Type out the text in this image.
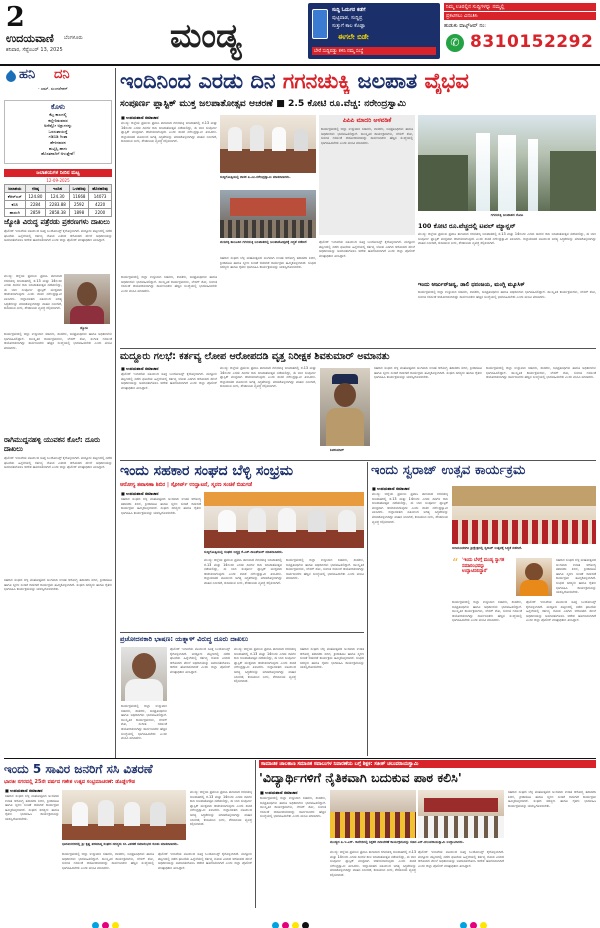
2
ಉದಯವಾಣಿ ಬೆಂಗಳೂರು
ಶನಿವಾರ, ಸೆಪ್ಟೆಂಬರ್ 13, 2025	ಮಂಡ್ಯ
ಸುದ್ದಿ ಓದುಗರ ಕಡೆಗೆ
ಪುಟ್ಟಿಪಾಡ, ಸುದ್ದಿಪ್ರ
ಸುತ್ತುಗೆ ಕಾಲ ಕೊಡ್ಲಾ
ಈಗಲೇ ಬಿಡೇ
ಬೇರೆ ಸುದ್ದಿಪಡ್ಡು ಕಳಿಸಿ ನಮ್ಮ ಸಂಸ್ಥೆ
ನಿಮ್ಮ ಊರಲ್ಲಿನ ಸುದ್ದಿಗಳನ್ನು ನಮ್ಮಲ್ಲಿ
ಪ್ರಕಟಿಸಲು ವಿನಂತಿಸಿ
ಹುಡುಕು ವಾಟ್ಸ್‌ಆಪ್ ನಂ:
✆ 8310152292
ಹನಿ ದನಿ
- ಎಮ್. ಸುಂದರೇಶನ್
ಕೊಳು
ಕೆಟ್ಟ ಕಾಲದಲ್ಲಿ
ಕಣ್ಣೀರಿಡುವವರ
ಅದೆಷ್ಟೋ ಅಶ್ರುಗಳನ್ನು
ಒರಸುತಾಯದ್ದೆ
ಗಡಿಬಿಡಿ ಗಿಂತಾ
ಹೇಳಿದವರನ
ಹುಟ್ಟಿಸ್ಸಿ ಹಾಗು
ಹೊಸತನಾದಿಗೆ ಅಳುತ್ತೇವೆ!
ಜಲಾಶಯಗಳ ನೀರಿನ ಮಟ್ಟ
12-09-2025
ಜಲಾಶಯ	ಗರಿಷ್ಠ	ಇಂದಿನ	ಒಳಹರಿವು	ಹೊರಹರಿವು
ಕೆಆರ್‌ಎಸ್	124.80	124.30	11668	14073
ಕಬಿನಿ	2284	2283.88	2592	4220
ಹಾರಂಗಿ	2859	2858.38	1898	2200
ಜ್ಯೋತಿ ವಿರುದ್ಧ ಪತ್ರೆರಡು ಪ್ರಕರಣಗಳು ದಾಖಲು
ಪೊಲೀಸ್ ಇಲಾಖೆಯ ವತಿಯಿಂದ ಸೂಕ್ತ ಬಂದೋಬಸ್ತ್ ಕೈಗೊಳ್ಳಲಾಗಿದೆ. ಮದ್ದೂರು ಪಟ್ಟಣದಲ್ಲಿ ನಡೆದ ಘಟನೆಯ ಹಿನ್ನೆಲೆಯಲ್ಲಿ ಕರ್ತವ್ಯ ಲೋಪ ಎಸಗಿದ ಆರೋಪದ ಮೇಲೆ ಅಧಿಕಾರಿಯನ್ನು ಅಮಾನತುಗೊಳಿಸಿ ಆದೇಶ ಹೊರಡಿಸಲಾಗಿದೆ ಎಂದು ಜಿಲ್ಲಾ ಪೊಲೀಸ್ ವರಿಷ್ಠಾಧಿಕಾರಿ ತಿಳಿಸಿದ್ದಾರೆ.
ಜ್ಯೋತಿ
ಮಂಡ್ಯ: ಜಿಲ್ಲೆಯ ಪ್ರಮುಖ ಪ್ರವಾಸಿ ತಾಣವಾದ ಗಗನಚುಕ್ಕಿ ಜಲಪಾತದಲ್ಲಿ ಸೆ.13 ಮತ್ತು 14ರಂದು ಎರಡು ದಿನಗಳ ಕಾಲ ಜಲಪಾತೋತ್ಸವ ನಡೆಯಲಿದ್ದು, ಈ ಬಾರಿ ಸಂಪೂರ್ಣ ಪ್ಲಾಸ್ಟಿಕ್ ಮುಕ್ತವಾಗಿ ಆಚರಿಸಲಾಗುವುದು ಎಂದು ಶಾಸಕ ನರೇಂದ್ರಸ್ವಾಮಿ ತಿಳಿಸಿದರು. ಜಿಲ್ಲಾಡಳಿತದ ವತಿಯಿಂದ ಅಗತ್ಯ ಸಿದ್ಧತೆಗಳನ್ನು ಮಾಡಿಕೊಳ್ಳಲಾಗಿದ್ದು ವಾಹನ ನಿಲುಗಡೆ, ಕುಡಿಯುವ ನೀರು, ಶೌಚಾಲಯ ವ್ಯವಸ್ಥೆ ಕಲ್ಪಿಸಲಾಗಿದೆ.
ಕಾರ್ಯಕ್ರಮದಲ್ಲಿ ಜಿಲ್ಲಾ ಉಸ್ತುವಾರಿ ಸಚಿವರು, ಶಾಸಕರು, ಜನಪ್ರತಿನಿಧಿಗಳು ಹಾಗೂ ಅಧಿಕಾರಿಗಳು ಭಾಗವಹಿಸಲಿದ್ದಾರೆ. ಸಾಂಸ್ಕೃತಿಕ ಕಾರ್ಯಕ್ರಮಗಳು, ಲೇಸರ್ ಶೋ, ಸಂಗೀತ ರಸಸಂಜೆ ಆಯೋಜಿಸಲಾಗಿದ್ದು ಸಾರ್ವಜನಿಕರು ಹೆಚ್ಚಿನ ಸಂಖ್ಯೆಯಲ್ಲಿ ಭಾಗವಹಿಸಬೇಕು ಎಂದು ಮನವಿ ಮಾಡಿದರು.
ರಾಗಿಮುದ್ದನಹಳ್ಳಿ ಯುವಕನ ಕೊಲೆ: ದೂರು ದಾಖಲು
ಪೊಲೀಸ್ ಇಲಾಖೆಯ ವತಿಯಿಂದ ಸೂಕ್ತ ಬಂದೋಬಸ್ತ್ ಕೈಗೊಳ್ಳಲಾಗಿದೆ. ಮದ್ದೂರು ಪಟ್ಟಣದಲ್ಲಿ ನಡೆದ ಘಟನೆಯ ಹಿನ್ನೆಲೆಯಲ್ಲಿ ಕರ್ತವ್ಯ ಲೋಪ ಎಸಗಿದ ಆರೋಪದ ಮೇಲೆ ಅಧಿಕಾರಿಯನ್ನು ಅಮಾನತುಗೊಳಿಸಿ ಆದೇಶ ಹೊರಡಿಸಲಾಗಿದೆ ಎಂದು ಜಿಲ್ಲಾ ಪೊಲೀಸ್ ವರಿಷ್ಠಾಧಿಕಾರಿ ತಿಳಿಸಿದ್ದಾರೆ.
ಸಹಕಾರ ಸಂಘದ ಬೆಳ್ಳಿ ಮಹೋತ್ಸವದ ಅಂಗವಾಗಿ ಉಚಿತ ಆರೋಗ್ಯ ತಪಾಸಣಾ ಶಿಬಿರ, ಕ್ರೀಡಾಕೂಟ ಹಾಗೂ ಸ್ಮರಣ ಸಂಚಿಕೆ ಬಿಡುಗಡೆ ಕಾರ್ಯಕ್ರಮ ಹಮ್ಮಿಕೊಳ್ಳಲಾಗಿದೆ. ಸಂಘದ ಸದಸ್ಯರು ಹಾಗೂ ರೈತರು ಭಾಗವಹಿಸಿ ಕಾರ್ಯಕ್ರಮವನ್ನು ಯಶಸ್ವಿಗೊಳಿಸಬೇಕು.
ಇಂದಿನಿಂದ ಎರಡು ದಿನ ಗಗನಚುಕ್ಕಿ ಜಲಪಾತ ವೈಭವ
ಸಂಪೂರ್ಣ ಪ್ಲಾಸ್ಟಿಕ್ ಮುಕ್ತ ಜಲಪಾತೋತ್ಸವ ಆಚರಣೆ ■ 2.5 ಕೋಟಿ ರೂ.ವೆಚ್ಚ: ನರೇಂದ್ರಸ್ವಾಮಿ
■ ಉದಯವಾಣಿ ಸಮಾಚಾರ
ಮಂಡ್ಯ: ಜಿಲ್ಲೆಯ ಪ್ರಮುಖ ಪ್ರವಾಸಿ ತಾಣವಾದ ಗಗನಚುಕ್ಕಿ ಜಲಪಾತದಲ್ಲಿ ಸೆ.13 ಮತ್ತು 14ರಂದು ಎರಡು ದಿನಗಳ ಕಾಲ ಜಲಪಾತೋತ್ಸವ ನಡೆಯಲಿದ್ದು, ಈ ಬಾರಿ ಸಂಪೂರ್ಣ ಪ್ಲಾಸ್ಟಿಕ್ ಮುಕ್ತವಾಗಿ ಆಚರಿಸಲಾಗುವುದು ಎಂದು ಶಾಸಕ ನರೇಂದ್ರಸ್ವಾಮಿ ತಿಳಿಸಿದರು. ಜಿಲ್ಲಾಡಳಿತದ ವತಿಯಿಂದ ಅಗತ್ಯ ಸಿದ್ಧತೆಗಳನ್ನು ಮಾಡಿಕೊಳ್ಳಲಾಗಿದ್ದು ವಾಹನ ನಿಲುಗಡೆ, ಕುಡಿಯುವ ನೀರು, ಶೌಚಾಲಯ ವ್ಯವಸ್ಥೆ ಕಲ್ಪಿಸಲಾಗಿದೆ.
ಕಾರ್ಯಕ್ರಮದಲ್ಲಿ ಜಿಲ್ಲಾ ಉಸ್ತುವಾರಿ ಸಚಿವರು, ಶಾಸಕರು, ಜನಪ್ರತಿನಿಧಿಗಳು ಹಾಗೂ ಅಧಿಕಾರಿಗಳು ಭಾಗವಹಿಸಲಿದ್ದಾರೆ. ಸಾಂಸ್ಕೃತಿಕ ಕಾರ್ಯಕ್ರಮಗಳು, ಲೇಸರ್ ಶೋ, ಸಂಗೀತ ರಸಸಂಜೆ ಆಯೋಜಿಸಲಾಗಿದ್ದು ಸಾರ್ವಜನಿಕರು ಹೆಚ್ಚಿನ ಸಂಖ್ಯೆಯಲ್ಲಿ ಭಾಗವಹಿಸಬೇಕು ಎಂದು ಮನವಿ ಮಾಡಿದರು.
ಸುದ್ದಿಗೋಷ್ಠಿಯಲ್ಲಿ ಶಾಸಕ ಪಿ.ಎಂ.ನರೇಂದ್ರಸ್ವಾಮಿ ಮಾತನಾಡಿದರು.
ಮಳವಳ್ಳಿ ತಾಲೂಕಿನ ಗಗನಚುಕ್ಕಿ ಜಲಪಾತದಲ್ಲಿ ಜಲಪಾತೋತ್ಸವಕ್ಕೆ ಸಿದ್ಧತೆ ನಡೆದಿದೆ
ಸಹಕಾರ ಸಂಘದ ಬೆಳ್ಳಿ ಮಹೋತ್ಸವದ ಅಂಗವಾಗಿ ಉಚಿತ ಆರೋಗ್ಯ ತಪಾಸಣಾ ಶಿಬಿರ, ಕ್ರೀಡಾಕೂಟ ಹಾಗೂ ಸ್ಮರಣ ಸಂಚಿಕೆ ಬಿಡುಗಡೆ ಕಾರ್ಯಕ್ರಮ ಹಮ್ಮಿಕೊಳ್ಳಲಾಗಿದೆ. ಸಂಘದ ಸದಸ್ಯರು ಹಾಗೂ ರೈತರು ಭಾಗವಹಿಸಿ ಕಾರ್ಯಕ್ರಮವನ್ನು ಯಶಸ್ವಿಗೊಳಿಸಬೇಕು.
ಪಿಪಿಪಿ ಮಾದರಿ ಅಳವಡಿಕೆ
ಕಾರ್ಯಕ್ರಮದಲ್ಲಿ ಜಿಲ್ಲಾ ಉಸ್ತುವಾರಿ ಸಚಿವರು, ಶಾಸಕರು, ಜನಪ್ರತಿನಿಧಿಗಳು ಹಾಗೂ ಅಧಿಕಾರಿಗಳು ಭಾಗವಹಿಸಲಿದ್ದಾರೆ. ಸಾಂಸ್ಕೃತಿಕ ಕಾರ್ಯಕ್ರಮಗಳು, ಲೇಸರ್ ಶೋ, ಸಂಗೀತ ರಸಸಂಜೆ ಆಯೋಜಿಸಲಾಗಿದ್ದು ಸಾರ್ವಜನಿಕರು ಹೆಚ್ಚಿನ ಸಂಖ್ಯೆಯಲ್ಲಿ ಭಾಗವಹಿಸಬೇಕು ಎಂದು ಮನವಿ ಮಾಡಿದರು.
ಪೊಲೀಸ್ ಇಲಾಖೆಯ ವತಿಯಿಂದ ಸೂಕ್ತ ಬಂದೋಬಸ್ತ್ ಕೈಗೊಳ್ಳಲಾಗಿದೆ. ಮದ್ದೂರು ಪಟ್ಟಣದಲ್ಲಿ ನಡೆದ ಘಟನೆಯ ಹಿನ್ನೆಲೆಯಲ್ಲಿ ಕರ್ತವ್ಯ ಲೋಪ ಎಸಗಿದ ಆರೋಪದ ಮೇಲೆ ಅಧಿಕಾರಿಯನ್ನು ಅಮಾನತುಗೊಳಿಸಿ ಆದೇಶ ಹೊರಡಿಸಲಾಗಿದೆ ಎಂದು ಜಿಲ್ಲಾ ಪೊಲೀಸ್ ವರಿಷ್ಠಾಧಿಕಾರಿ ತಿಳಿಸಿದ್ದಾರೆ.
ಗಗನಚುಕ್ಕಿ ಜಲಪಾತದ ನೋಟ
100 ಕೋಟಿ ರೂ.ವೆಚ್ಚದಲ್ಲಿ ಟವಲ್ ಮ್ಯಾನ್ಷನ್
ಮಂಡ್ಯ: ಜಿಲ್ಲೆಯ ಪ್ರಮುಖ ಪ್ರವಾಸಿ ತಾಣವಾದ ಗಗನಚುಕ್ಕಿ ಜಲಪಾತದಲ್ಲಿ ಸೆ.13 ಮತ್ತು 14ರಂದು ಎರಡು ದಿನಗಳ ಕಾಲ ಜಲಪಾತೋತ್ಸವ ನಡೆಯಲಿದ್ದು, ಈ ಬಾರಿ ಸಂಪೂರ್ಣ ಪ್ಲಾಸ್ಟಿಕ್ ಮುಕ್ತವಾಗಿ ಆಚರಿಸಲಾಗುವುದು ಎಂದು ಶಾಸಕ ನರೇಂದ್ರಸ್ವಾಮಿ ತಿಳಿಸಿದರು. ಜಿಲ್ಲಾಡಳಿತದ ವತಿಯಿಂದ ಅಗತ್ಯ ಸಿದ್ಧತೆಗಳನ್ನು ಮಾಡಿಕೊಳ್ಳಲಾಗಿದ್ದು ವಾಹನ ನಿಲುಗಡೆ, ಕುಡಿಯುವ ನೀರು, ಶೌಚಾಲಯ ವ್ಯವಸ್ಥೆ ಕಲ್ಪಿಸಲಾಗಿದೆ.
ಇಂದು ಅರ್ಜುನ್‌ಜನ್ಯ, ಡಾಲಿ ಧನಂಜಯ, ಮಂಗ್ಲಿ ಮ್ಯೂಸಿಕ್
ಕಾರ್ಯಕ್ರಮದಲ್ಲಿ ಜಿಲ್ಲಾ ಉಸ್ತುವಾರಿ ಸಚಿವರು, ಶಾಸಕರು, ಜನಪ್ರತಿನಿಧಿಗಳು ಹಾಗೂ ಅಧಿಕಾರಿಗಳು ಭಾಗವಹಿಸಲಿದ್ದಾರೆ. ಸಾಂಸ್ಕೃತಿಕ ಕಾರ್ಯಕ್ರಮಗಳು, ಲೇಸರ್ ಶೋ, ಸಂಗೀತ ರಸಸಂಜೆ ಆಯೋಜಿಸಲಾಗಿದ್ದು ಸಾರ್ವಜನಿಕರು ಹೆಚ್ಚಿನ ಸಂಖ್ಯೆಯಲ್ಲಿ ಭಾಗವಹಿಸಬೇಕು ಎಂದು ಮನವಿ ಮಾಡಿದರು.
ಮದ್ದೂರು ಗಲಭೆ: ಕರ್ತವ್ಯ ಲೋಪ ಆರೋಪದಡಿ ವೃತ್ತ ನಿರೀಕ್ಷಕ ಶಿವಕುಮಾರ್ ಅಮಾನತು
■ ಉದಯವಾಣಿ ಸಮಾಚಾರ
ಪೊಲೀಸ್ ಇಲಾಖೆಯ ವತಿಯಿಂದ ಸೂಕ್ತ ಬಂದೋಬಸ್ತ್ ಕೈಗೊಳ್ಳಲಾಗಿದೆ. ಮದ್ದೂರು ಪಟ್ಟಣದಲ್ಲಿ ನಡೆದ ಘಟನೆಯ ಹಿನ್ನೆಲೆಯಲ್ಲಿ ಕರ್ತವ್ಯ ಲೋಪ ಎಸಗಿದ ಆರೋಪದ ಮೇಲೆ ಅಧಿಕಾರಿಯನ್ನು ಅಮಾನತುಗೊಳಿಸಿ ಆದೇಶ ಹೊರಡಿಸಲಾಗಿದೆ ಎಂದು ಜಿಲ್ಲಾ ಪೊಲೀಸ್ ವರಿಷ್ಠಾಧಿಕಾರಿ ತಿಳಿಸಿದ್ದಾರೆ.
ಮಂಡ್ಯ: ಜಿಲ್ಲೆಯ ಪ್ರಮುಖ ಪ್ರವಾಸಿ ತಾಣವಾದ ಗಗನಚುಕ್ಕಿ ಜಲಪಾತದಲ್ಲಿ ಸೆ.13 ಮತ್ತು 14ರಂದು ಎರಡು ದಿನಗಳ ಕಾಲ ಜಲಪಾತೋತ್ಸವ ನಡೆಯಲಿದ್ದು, ಈ ಬಾರಿ ಸಂಪೂರ್ಣ ಪ್ಲಾಸ್ಟಿಕ್ ಮುಕ್ತವಾಗಿ ಆಚರಿಸಲಾಗುವುದು ಎಂದು ಶಾಸಕ ನರೇಂದ್ರಸ್ವಾಮಿ ತಿಳಿಸಿದರು. ಜಿಲ್ಲಾಡಳಿತದ ವತಿಯಿಂದ ಅಗತ್ಯ ಸಿದ್ಧತೆಗಳನ್ನು ಮಾಡಿಕೊಳ್ಳಲಾಗಿದ್ದು ವಾಹನ ನಿಲುಗಡೆ, ಕುಡಿಯುವ ನೀರು, ಶೌಚಾಲಯ ವ್ಯವಸ್ಥೆ ಕಲ್ಪಿಸಲಾಗಿದೆ.
ಶಿವಕುಮಾರ್
ಸಹಕಾರ ಸಂಘದ ಬೆಳ್ಳಿ ಮಹೋತ್ಸವದ ಅಂಗವಾಗಿ ಉಚಿತ ಆರೋಗ್ಯ ತಪಾಸಣಾ ಶಿಬಿರ, ಕ್ರೀಡಾಕೂಟ ಹಾಗೂ ಸ್ಮರಣ ಸಂಚಿಕೆ ಬಿಡುಗಡೆ ಕಾರ್ಯಕ್ರಮ ಹಮ್ಮಿಕೊಳ್ಳಲಾಗಿದೆ. ಸಂಘದ ಸದಸ್ಯರು ಹಾಗೂ ರೈತರು ಭಾಗವಹಿಸಿ ಕಾರ್ಯಕ್ರಮವನ್ನು ಯಶಸ್ವಿಗೊಳಿಸಬೇಕು.
ಕಾರ್ಯಕ್ರಮದಲ್ಲಿ ಜಿಲ್ಲಾ ಉಸ್ತುವಾರಿ ಸಚಿವರು, ಶಾಸಕರು, ಜನಪ್ರತಿನಿಧಿಗಳು ಹಾಗೂ ಅಧಿಕಾರಿಗಳು ಭಾಗವಹಿಸಲಿದ್ದಾರೆ. ಸಾಂಸ್ಕೃತಿಕ ಕಾರ್ಯಕ್ರಮಗಳು, ಲೇಸರ್ ಶೋ, ಸಂಗೀತ ರಸಸಂಜೆ ಆಯೋಜಿಸಲಾಗಿದ್ದು ಸಾರ್ವಜನಿಕರು ಹೆಚ್ಚಿನ ಸಂಖ್ಯೆಯಲ್ಲಿ ಭಾಗವಹಿಸಬೇಕು ಎಂದು ಮನವಿ ಮಾಡಿದರು.
ಇಂದು ಸಹಕಾರ ಸಂಘದ ಬೆಳ್ಳಿ ಸಂಭ್ರಮ
ಆರೋಗ್ಯ ತಪಾಸಣಾ ಶಿಬಿರ | ಸ್ಪೋರ್ಟ್‌ ಉದ್ಘಾಟನೆ, ಸ್ಮರಣ ಸಂಚಿಕೆ ಬಿಡುಗಡೆ
■ ಉದಯವಾಣಿ ಸಮಾಚಾರ
ಸಹಕಾರ ಸಂಘದ ಬೆಳ್ಳಿ ಮಹೋತ್ಸವದ ಅಂಗವಾಗಿ ಉಚಿತ ಆರೋಗ್ಯ ತಪಾಸಣಾ ಶಿಬಿರ, ಕ್ರೀಡಾಕೂಟ ಹಾಗೂ ಸ್ಮರಣ ಸಂಚಿಕೆ ಬಿಡುಗಡೆ ಕಾರ್ಯಕ್ರಮ ಹಮ್ಮಿಕೊಳ್ಳಲಾಗಿದೆ. ಸಂಘದ ಸದಸ್ಯರು ಹಾಗೂ ರೈತರು ಭಾಗವಹಿಸಿ ಕಾರ್ಯಕ್ರಮವನ್ನು ಯಶಸ್ವಿಗೊಳಿಸಬೇಕು.
ಸುದ್ದಿಗೋಷ್ಠಿಯಲ್ಲಿ ಸಂಘದ ಅಧ್ಯಕ್ಷ ಕೆ.ಎಸ್.ರಾಜಶೇಖರ್ ಮಾತನಾಡಿದರು.
ಮಂಡ್ಯ: ಜಿಲ್ಲೆಯ ಪ್ರಮುಖ ಪ್ರವಾಸಿ ತಾಣವಾದ ಗಗನಚುಕ್ಕಿ ಜಲಪಾತದಲ್ಲಿ ಸೆ.13 ಮತ್ತು 14ರಂದು ಎರಡು ದಿನಗಳ ಕಾಲ ಜಲಪಾತೋತ್ಸವ ನಡೆಯಲಿದ್ದು, ಈ ಬಾರಿ ಸಂಪೂರ್ಣ ಪ್ಲಾಸ್ಟಿಕ್ ಮುಕ್ತವಾಗಿ ಆಚರಿಸಲಾಗುವುದು ಎಂದು ಶಾಸಕ ನರೇಂದ್ರಸ್ವಾಮಿ ತಿಳಿಸಿದರು. ಜಿಲ್ಲಾಡಳಿತದ ವತಿಯಿಂದ ಅಗತ್ಯ ಸಿದ್ಧತೆಗಳನ್ನು ಮಾಡಿಕೊಳ್ಳಲಾಗಿದ್ದು ವಾಹನ ನಿಲುಗಡೆ, ಕುಡಿಯುವ ನೀರು, ಶೌಚಾಲಯ ವ್ಯವಸ್ಥೆ ಕಲ್ಪಿಸಲಾಗಿದೆ.
ಕಾರ್ಯಕ್ರಮದಲ್ಲಿ ಜಿಲ್ಲಾ ಉಸ್ತುವಾರಿ ಸಚಿವರು, ಶಾಸಕರು, ಜನಪ್ರತಿನಿಧಿಗಳು ಹಾಗೂ ಅಧಿಕಾರಿಗಳು ಭಾಗವಹಿಸಲಿದ್ದಾರೆ. ಸಾಂಸ್ಕೃತಿಕ ಕಾರ್ಯಕ್ರಮಗಳು, ಲೇಸರ್ ಶೋ, ಸಂಗೀತ ರಸಸಂಜೆ ಆಯೋಜಿಸಲಾಗಿದ್ದು ಸಾರ್ವಜನಿಕರು ಹೆಚ್ಚಿನ ಸಂಖ್ಯೆಯಲ್ಲಿ ಭಾಗವಹಿಸಬೇಕು ಎಂದು ಮನವಿ ಮಾಡಿದರು.
ಪ್ರಚೋದನಕಾರಿ ಭಾಷಣ: ಯತ್ನಾಳ್ ವಿರುದ್ಧ ದೂರು ದಾಖಲು
ಪೊಲೀಸ್ ಇಲಾಖೆಯ ವತಿಯಿಂದ ಸೂಕ್ತ ಬಂದೋಬಸ್ತ್ ಕೈಗೊಳ್ಳಲಾಗಿದೆ. ಮದ್ದೂರು ಪಟ್ಟಣದಲ್ಲಿ ನಡೆದ ಘಟನೆಯ ಹಿನ್ನೆಲೆಯಲ್ಲಿ ಕರ್ತವ್ಯ ಲೋಪ ಎಸಗಿದ ಆರೋಪದ ಮೇಲೆ ಅಧಿಕಾರಿಯನ್ನು ಅಮಾನತುಗೊಳಿಸಿ ಆದೇಶ ಹೊರಡಿಸಲಾಗಿದೆ ಎಂದು ಜಿಲ್ಲಾ ಪೊಲೀಸ್ ವರಿಷ್ಠಾಧಿಕಾರಿ ತಿಳಿಸಿದ್ದಾರೆ.
ಮಂಡ್ಯ: ಜಿಲ್ಲೆಯ ಪ್ರಮುಖ ಪ್ರವಾಸಿ ತಾಣವಾದ ಗಗನಚುಕ್ಕಿ ಜಲಪಾತದಲ್ಲಿ ಸೆ.13 ಮತ್ತು 14ರಂದು ಎರಡು ದಿನಗಳ ಕಾಲ ಜಲಪಾತೋತ್ಸವ ನಡೆಯಲಿದ್ದು, ಈ ಬಾರಿ ಸಂಪೂರ್ಣ ಪ್ಲಾಸ್ಟಿಕ್ ಮುಕ್ತವಾಗಿ ಆಚರಿಸಲಾಗುವುದು ಎಂದು ಶಾಸಕ ನರೇಂದ್ರಸ್ವಾಮಿ ತಿಳಿಸಿದರು. ಜಿಲ್ಲಾಡಳಿತದ ವತಿಯಿಂದ ಅಗತ್ಯ ಸಿದ್ಧತೆಗಳನ್ನು ಮಾಡಿಕೊಳ್ಳಲಾಗಿದ್ದು ವಾಹನ ನಿಲುಗಡೆ, ಕುಡಿಯುವ ನೀರು, ಶೌಚಾಲಯ ವ್ಯವಸ್ಥೆ ಕಲ್ಪಿಸಲಾಗಿದೆ.
ಸಹಕಾರ ಸಂಘದ ಬೆಳ್ಳಿ ಮಹೋತ್ಸವದ ಅಂಗವಾಗಿ ಉಚಿತ ಆರೋಗ್ಯ ತಪಾಸಣಾ ಶಿಬಿರ, ಕ್ರೀಡಾಕೂಟ ಹಾಗೂ ಸ್ಮರಣ ಸಂಚಿಕೆ ಬಿಡುಗಡೆ ಕಾರ್ಯಕ್ರಮ ಹಮ್ಮಿಕೊಳ್ಳಲಾಗಿದೆ. ಸಂಘದ ಸದಸ್ಯರು ಹಾಗೂ ರೈತರು ಭಾಗವಹಿಸಿ ಕಾರ್ಯಕ್ರಮವನ್ನು ಯಶಸ್ವಿಗೊಳಿಸಬೇಕು.
ಕಾರ್ಯಕ್ರಮದಲ್ಲಿ ಜಿಲ್ಲಾ ಉಸ್ತುವಾರಿ ಸಚಿವರು, ಶಾಸಕರು, ಜನಪ್ರತಿನಿಧಿಗಳು ಹಾಗೂ ಅಧಿಕಾರಿಗಳು ಭಾಗವಹಿಸಲಿದ್ದಾರೆ. ಸಾಂಸ್ಕೃತಿಕ ಕಾರ್ಯಕ್ರಮಗಳು, ಲೇಸರ್ ಶೋ, ಸಂಗೀತ ರಸಸಂಜೆ ಆಯೋಜಿಸಲಾಗಿದ್ದು ಸಾರ್ವಜನಿಕರು ಹೆಚ್ಚಿನ ಸಂಖ್ಯೆಯಲ್ಲಿ ಭಾಗವಹಿಸಬೇಕು ಎಂದು ಮನವಿ ಮಾಡಿದರು.
ಇಂದು ಸ್ವರಾಜ್ ಉತ್ಸವ ಕಾರ್ಯಕ್ರಮ
■ ಉದಯವಾಣಿ ಸಮಾಚಾರ
ಮಂಡ್ಯ: ಜಿಲ್ಲೆಯ ಪ್ರಮುಖ ಪ್ರವಾಸಿ ತಾಣವಾದ ಗಗನಚುಕ್ಕಿ ಜಲಪಾತದಲ್ಲಿ ಸೆ.13 ಮತ್ತು 14ರಂದು ಎರಡು ದಿನಗಳ ಕಾಲ ಜಲಪಾತೋತ್ಸವ ನಡೆಯಲಿದ್ದು, ಈ ಬಾರಿ ಸಂಪೂರ್ಣ ಪ್ಲಾಸ್ಟಿಕ್ ಮುಕ್ತವಾಗಿ ಆಚರಿಸಲಾಗುವುದು ಎಂದು ಶಾಸಕ ನರೇಂದ್ರಸ್ವಾಮಿ ತಿಳಿಸಿದರು. ಜಿಲ್ಲಾಡಳಿತದ ವತಿಯಿಂದ ಅಗತ್ಯ ಸಿದ್ಧತೆಗಳನ್ನು ಮಾಡಿಕೊಳ್ಳಲಾಗಿದ್ದು ವಾಹನ ನಿಲುಗಡೆ, ಕುಡಿಯುವ ನೀರು, ಶೌಚಾಲಯ ವ್ಯವಸ್ಥೆ ಕಲ್ಪಿಸಲಾಗಿದೆ.
ಆದಿಚುಂಚನಗಿರಿ ಶ್ರೀಕ್ಷೇತ್ರದಲ್ಲಿ ಸ್ವರಾಜ್ ಉತ್ಸವಕ್ಕೆ ಸಿದ್ಧತೆ ನಡೆದಿದೆ.
“ 'ಇಂದು ಬೆಳಗ್ಗೆ ಮಂಡ್ಯ ಸ್ವಾಗತ ಸಮಾರಂಭವನ್ನು ಉದ್ಘಾಟಿಸಲಿದ್ದಾರೆ'
ಕಾರ್ಯಕ್ರಮದಲ್ಲಿ ಜಿಲ್ಲಾ ಉಸ್ತುವಾರಿ ಸಚಿವರು, ಶಾಸಕರು, ಜನಪ್ರತಿನಿಧಿಗಳು ಹಾಗೂ ಅಧಿಕಾರಿಗಳು ಭಾಗವಹಿಸಲಿದ್ದಾರೆ. ಸಾಂಸ್ಕೃತಿಕ ಕಾರ್ಯಕ್ರಮಗಳು, ಲೇಸರ್ ಶೋ, ಸಂಗೀತ ರಸಸಂಜೆ ಆಯೋಜಿಸಲಾಗಿದ್ದು ಸಾರ್ವಜನಿಕರು ಹೆಚ್ಚಿನ ಸಂಖ್ಯೆಯಲ್ಲಿ ಭಾಗವಹಿಸಬೇಕು ಎಂದು ಮನವಿ ಮಾಡಿದರು.
ಪೊಲೀಸ್ ಇಲಾಖೆಯ ವತಿಯಿಂದ ಸೂಕ್ತ ಬಂದೋಬಸ್ತ್ ಕೈಗೊಳ್ಳಲಾಗಿದೆ. ಮದ್ದೂರು ಪಟ್ಟಣದಲ್ಲಿ ನಡೆದ ಘಟನೆಯ ಹಿನ್ನೆಲೆಯಲ್ಲಿ ಕರ್ತವ್ಯ ಲೋಪ ಎಸಗಿದ ಆರೋಪದ ಮೇಲೆ ಅಧಿಕಾರಿಯನ್ನು ಅಮಾನತುಗೊಳಿಸಿ ಆದೇಶ ಹೊರಡಿಸಲಾಗಿದೆ ಎಂದು ಜಿಲ್ಲಾ ಪೊಲೀಸ್ ವರಿಷ್ಠಾಧಿಕಾರಿ ತಿಳಿಸಿದ್ದಾರೆ.
ಸಹಕಾರ ಸಂಘದ ಬೆಳ್ಳಿ ಮಹೋತ್ಸವದ ಅಂಗವಾಗಿ ಉಚಿತ ಆರೋಗ್ಯ ತಪಾಸಣಾ ಶಿಬಿರ, ಕ್ರೀಡಾಕೂಟ ಹಾಗೂ ಸ್ಮರಣ ಸಂಚಿಕೆ ಬಿಡುಗಡೆ ಕಾರ್ಯಕ್ರಮ ಹಮ್ಮಿಕೊಳ್ಳಲಾಗಿದೆ. ಸಂಘದ ಸದಸ್ಯರು ಹಾಗೂ ರೈತರು ಭಾಗವಹಿಸಿ ಕಾರ್ಯಕ್ರಮವನ್ನು ಯಶಸ್ವಿಗೊಳಿಸಬೇಕು.
ಇಂದು 5 ಸಾವಿರ ಜನರಿಗೆ ಸಸಿ ವಿತರಣೆ
ಭಾರತೀ ನಗರದಲ್ಲಿ 25ನೇ ವರ್ಷದ ಗಣೇಶ ಉತ್ಸವ ಸಂಭ್ರಮಾಚರಣೆ: ಡೊಡ್ಡೇಗೌಡ
■ ಉದಯವಾಣಿ ಸಮಾಚಾರ
ಸಹಕಾರ ಸಂಘದ ಬೆಳ್ಳಿ ಮಹೋತ್ಸವದ ಅಂಗವಾಗಿ ಉಚಿತ ಆರೋಗ್ಯ ತಪಾಸಣಾ ಶಿಬಿರ, ಕ್ರೀಡಾಕೂಟ ಹಾಗೂ ಸ್ಮರಣ ಸಂಚಿಕೆ ಬಿಡುಗಡೆ ಕಾರ್ಯಕ್ರಮ ಹಮ್ಮಿಕೊಳ್ಳಲಾಗಿದೆ. ಸಂಘದ ಸದಸ್ಯರು ಹಾಗೂ ರೈತರು ಭಾಗವಹಿಸಿ ಕಾರ್ಯಕ್ರಮವನ್ನು ಯಶಸ್ವಿಗೊಳಿಸಬೇಕು.
ಭಾರತೀನಗರದಲ್ಲಿ ಶ್ರೀ ಕೃಷ್ಣ ಪರಮಾತ್ಮ ಸಂಘದ ಸದಸ್ಯರು ಸಸಿ ವಿತರಣೆ ಸಮಾರಂಭದ ಕುರಿತು ಮಾತನಾಡಿದರು.
ಮಂಡ್ಯ: ಜಿಲ್ಲೆಯ ಪ್ರಮುಖ ಪ್ರವಾಸಿ ತಾಣವಾದ ಗಗನಚುಕ್ಕಿ ಜಲಪಾತದಲ್ಲಿ ಸೆ.13 ಮತ್ತು 14ರಂದು ಎರಡು ದಿನಗಳ ಕಾಲ ಜಲಪಾತೋತ್ಸವ ನಡೆಯಲಿದ್ದು, ಈ ಬಾರಿ ಸಂಪೂರ್ಣ ಪ್ಲಾಸ್ಟಿಕ್ ಮುಕ್ತವಾಗಿ ಆಚರಿಸಲಾಗುವುದು ಎಂದು ಶಾಸಕ ನರೇಂದ್ರಸ್ವಾಮಿ ತಿಳಿಸಿದರು. ಜಿಲ್ಲಾಡಳಿತದ ವತಿಯಿಂದ ಅಗತ್ಯ ಸಿದ್ಧತೆಗಳನ್ನು ಮಾಡಿಕೊಳ್ಳಲಾಗಿದ್ದು ವಾಹನ ನಿಲುಗಡೆ, ಕುಡಿಯುವ ನೀರು, ಶೌಚಾಲಯ ವ್ಯವಸ್ಥೆ ಕಲ್ಪಿಸಲಾಗಿದೆ.
ಕಾರ್ಯಕ್ರಮದಲ್ಲಿ ಜಿಲ್ಲಾ ಉಸ್ತುವಾರಿ ಸಚಿವರು, ಶಾಸಕರು, ಜನಪ್ರತಿನಿಧಿಗಳು ಹಾಗೂ ಅಧಿಕಾರಿಗಳು ಭಾಗವಹಿಸಲಿದ್ದಾರೆ. ಸಾಂಸ್ಕೃತಿಕ ಕಾರ್ಯಕ್ರಮಗಳು, ಲೇಸರ್ ಶೋ, ಸಂಗೀತ ರಸಸಂಜೆ ಆಯೋಜಿಸಲಾಗಿದ್ದು ಸಾರ್ವಜನಿಕರು ಹೆಚ್ಚಿನ ಸಂಖ್ಯೆಯಲ್ಲಿ ಭಾಗವಹಿಸಬೇಕು ಎಂದು ಮನವಿ ಮಾಡಿದರು.
ಪೊಲೀಸ್ ಇಲಾಖೆಯ ವತಿಯಿಂದ ಸೂಕ್ತ ಬಂದೋಬಸ್ತ್ ಕೈಗೊಳ್ಳಲಾಗಿದೆ. ಮದ್ದೂರು ಪಟ್ಟಣದಲ್ಲಿ ನಡೆದ ಘಟನೆಯ ಹಿನ್ನೆಲೆಯಲ್ಲಿ ಕರ್ತವ್ಯ ಲೋಪ ಎಸಗಿದ ಆರೋಪದ ಮೇಲೆ ಅಧಿಕಾರಿಯನ್ನು ಅಮಾನತುಗೊಳಿಸಿ ಆದೇಶ ಹೊರಡಿಸಲಾಗಿದೆ ಎಂದು ಜಿಲ್ಲಾ ಪೊಲೀಸ್ ವರಿಷ್ಠಾಧಿಕಾರಿ ತಿಳಿಸಿದ್ದಾರೆ.
ಸಾಮಾಜಿಕ ಜಾಲತಾಣ ಸಮಾಜಿಕ ಸವಾಲುಗಳ ನಿವಾರಣೆಯ ಬಗ್ಗೆ ಶಿಕ್ಷಕ: ಸತೀಶ್ ಚಲುವರಾಯಸ್ವಾಮಿ
'ವಿದ್ಯಾರ್ಥಿಗಳಿಗೆ ನೈತಿಕವಾಗಿ ಬದುಕುವ ಪಾಠ ಕಲಿಸಿ'
■ ಉದಯವಾಣಿ ಸಮಾಚಾರ
ಕಾರ್ಯಕ್ರಮದಲ್ಲಿ ಜಿಲ್ಲಾ ಉಸ್ತುವಾರಿ ಸಚಿವರು, ಶಾಸಕರು, ಜನಪ್ರತಿನಿಧಿಗಳು ಹಾಗೂ ಅಧಿಕಾರಿಗಳು ಭಾಗವಹಿಸಲಿದ್ದಾರೆ. ಸಾಂಸ್ಕೃತಿಕ ಕಾರ್ಯಕ್ರಮಗಳು, ಲೇಸರ್ ಶೋ, ಸಂಗೀತ ರಸಸಂಜೆ ಆಯೋಜಿಸಲಾಗಿದ್ದು ಸಾರ್ವಜನಿಕರು ಹೆಚ್ಚಿನ ಸಂಖ್ಯೆಯಲ್ಲಿ ಭಾಗವಹಿಸಬೇಕು ಎಂದು ಮನವಿ ಮಾಡಿದರು.
ಮಂಡ್ಯದ ಪಿ.ಇ.ಎಸ್. ಕಾಲೇಜಿನಲ್ಲಿ ಶಿಕ್ಷಕರ ದಿನಾಚರಣೆ ಕಾರ್ಯಕ್ರಮವನ್ನು ಸಚಿವ ಎನ್.ಚಲುವರಾಯಸ್ವಾಮಿ ಉದ್ಘಾಟಿಸಿದರು.
ಮಂಡ್ಯ: ಜಿಲ್ಲೆಯ ಪ್ರಮುಖ ಪ್ರವಾಸಿ ತಾಣವಾದ ಗಗನಚುಕ್ಕಿ ಜಲಪಾತದಲ್ಲಿ ಸೆ.13 ಮತ್ತು 14ರಂದು ಎರಡು ದಿನಗಳ ಕಾಲ ಜಲಪಾತೋತ್ಸವ ನಡೆಯಲಿದ್ದು, ಈ ಬಾರಿ ಸಂಪೂರ್ಣ ಪ್ಲಾಸ್ಟಿಕ್ ಮುಕ್ತವಾಗಿ ಆಚರಿಸಲಾಗುವುದು ಎಂದು ಶಾಸಕ ನರೇಂದ್ರಸ್ವಾಮಿ ತಿಳಿಸಿದರು. ಜಿಲ್ಲಾಡಳಿತದ ವತಿಯಿಂದ ಅಗತ್ಯ ಸಿದ್ಧತೆಗಳನ್ನು ಮಾಡಿಕೊಳ್ಳಲಾಗಿದ್ದು ವಾಹನ ನಿಲುಗಡೆ, ಕುಡಿಯುವ ನೀರು, ಶೌಚಾಲಯ ವ್ಯವಸ್ಥೆ ಕಲ್ಪಿಸಲಾಗಿದೆ.
ಪೊಲೀಸ್ ಇಲಾಖೆಯ ವತಿಯಿಂದ ಸೂಕ್ತ ಬಂದೋಬಸ್ತ್ ಕೈಗೊಳ್ಳಲಾಗಿದೆ. ಮದ್ದೂರು ಪಟ್ಟಣದಲ್ಲಿ ನಡೆದ ಘಟನೆಯ ಹಿನ್ನೆಲೆಯಲ್ಲಿ ಕರ್ತವ್ಯ ಲೋಪ ಎಸಗಿದ ಆರೋಪದ ಮೇಲೆ ಅಧಿಕಾರಿಯನ್ನು ಅಮಾನತುಗೊಳಿಸಿ ಆದೇಶ ಹೊರಡಿಸಲಾಗಿದೆ ಎಂದು ಜಿಲ್ಲಾ ಪೊಲೀಸ್ ವರಿಷ್ಠಾಧಿಕಾರಿ ತಿಳಿಸಿದ್ದಾರೆ.
ಸಹಕಾರ ಸಂಘದ ಬೆಳ್ಳಿ ಮಹೋತ್ಸವದ ಅಂಗವಾಗಿ ಉಚಿತ ಆರೋಗ್ಯ ತಪಾಸಣಾ ಶಿಬಿರ, ಕ್ರೀಡಾಕೂಟ ಹಾಗೂ ಸ್ಮರಣ ಸಂಚಿಕೆ ಬಿಡುಗಡೆ ಕಾರ್ಯಕ್ರಮ ಹಮ್ಮಿಕೊಳ್ಳಲಾಗಿದೆ. ಸಂಘದ ಸದಸ್ಯರು ಹಾಗೂ ರೈತರು ಭಾಗವಹಿಸಿ ಕಾರ್ಯಕ್ರಮವನ್ನು ಯಶಸ್ವಿಗೊಳಿಸಬೇಕು.
